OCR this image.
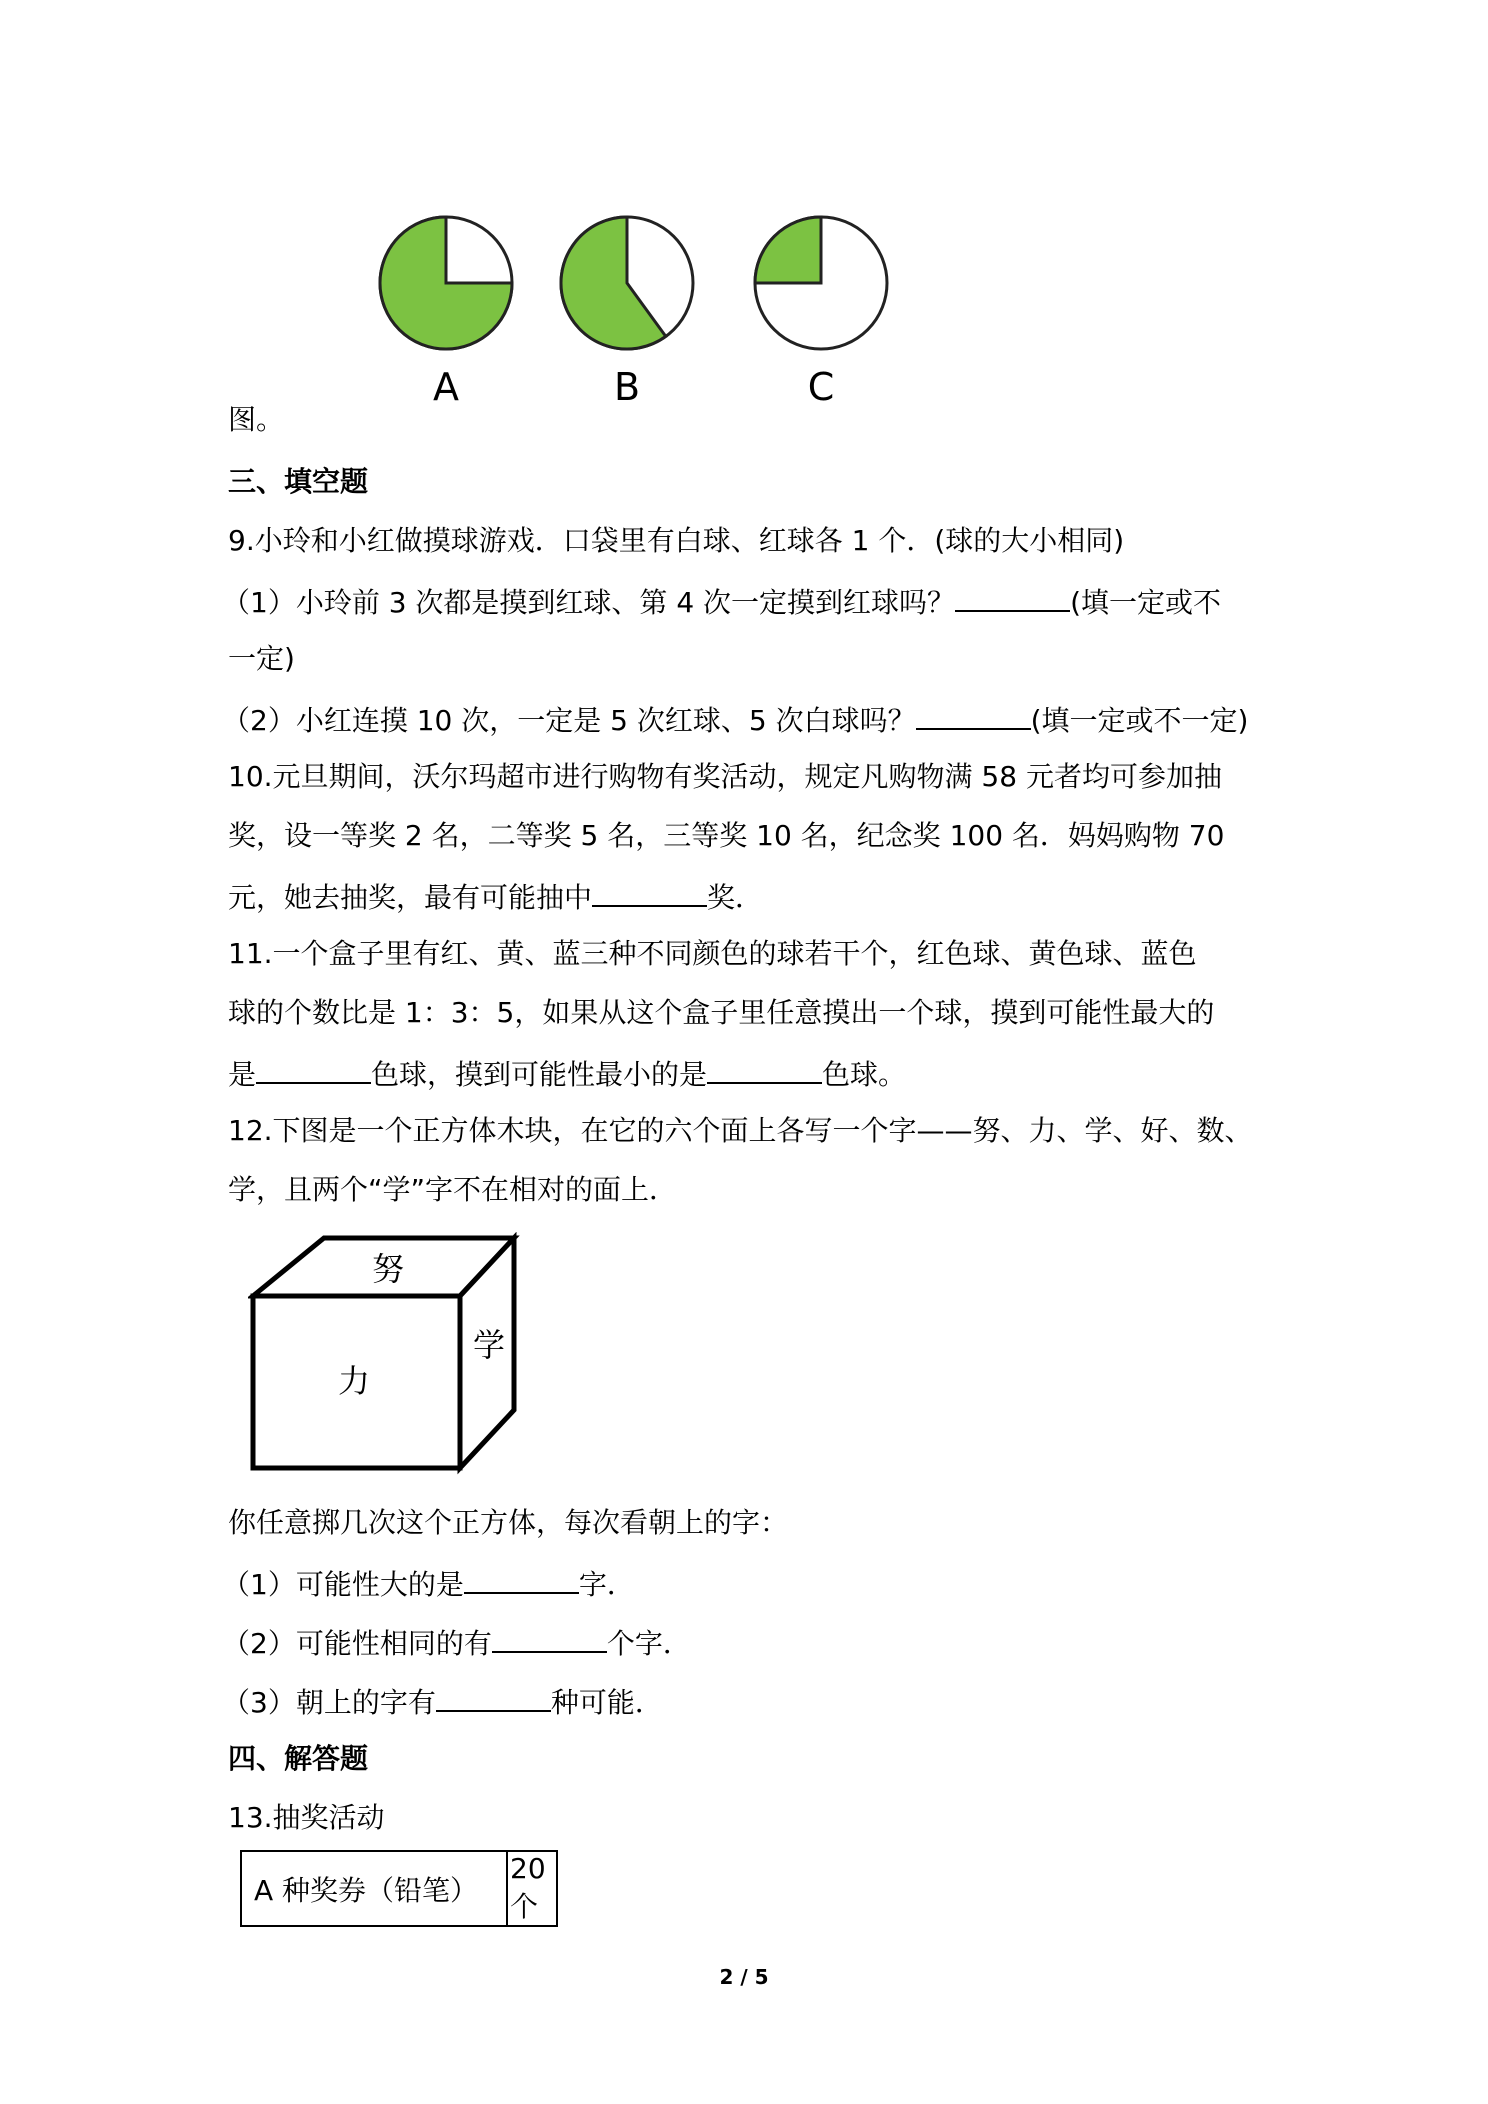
A	B	C
图。
三、填空题
9.小玲和小红做摸球游戏．口袋里有白球、红球各 1 个．(球的大小相同)
（1）小玲前 3 次都是摸到红球、第 4 次一定摸到红球吗？	(填一定或不
一定)
（2）小红连摸 10 次，一定是 5 次红球、5 次白球吗？	(填一定或不一定)
10.元旦期间，沃尔玛超市进行购物有奖活动，规定凡购物满 58 元者均可参加抽
奖，设一等奖 2 名，二等奖 5 名，三等奖 10 名，纪念奖 100 名．妈妈购物 70
元，她去抽奖，最有可能抽中	奖．
11.一个盒子里有红、黄、蓝三种不同颜色的球若干个，红色球、黄色球、蓝色
球的个数比是 1：3：5，如果从这个盒子里任意摸出一个球，摸到可能性最大的
是	色球，摸到可能性最小的是	色球。
12.下图是一个正方体木块，在它的六个面上各写一个字——努、力、学、好、数、
学，且两个“学”字不在相对的面上．
努
力
学
你任意掷几次这个正方体，每次看朝上的字：
（1）可能性大的是	字．
（2）可能性相同的有	个字．
（3）朝上的字有	种可能．
四、解答题
13.抽奖活动
A 种奖券（铅笔）	20 个
2 / 5
